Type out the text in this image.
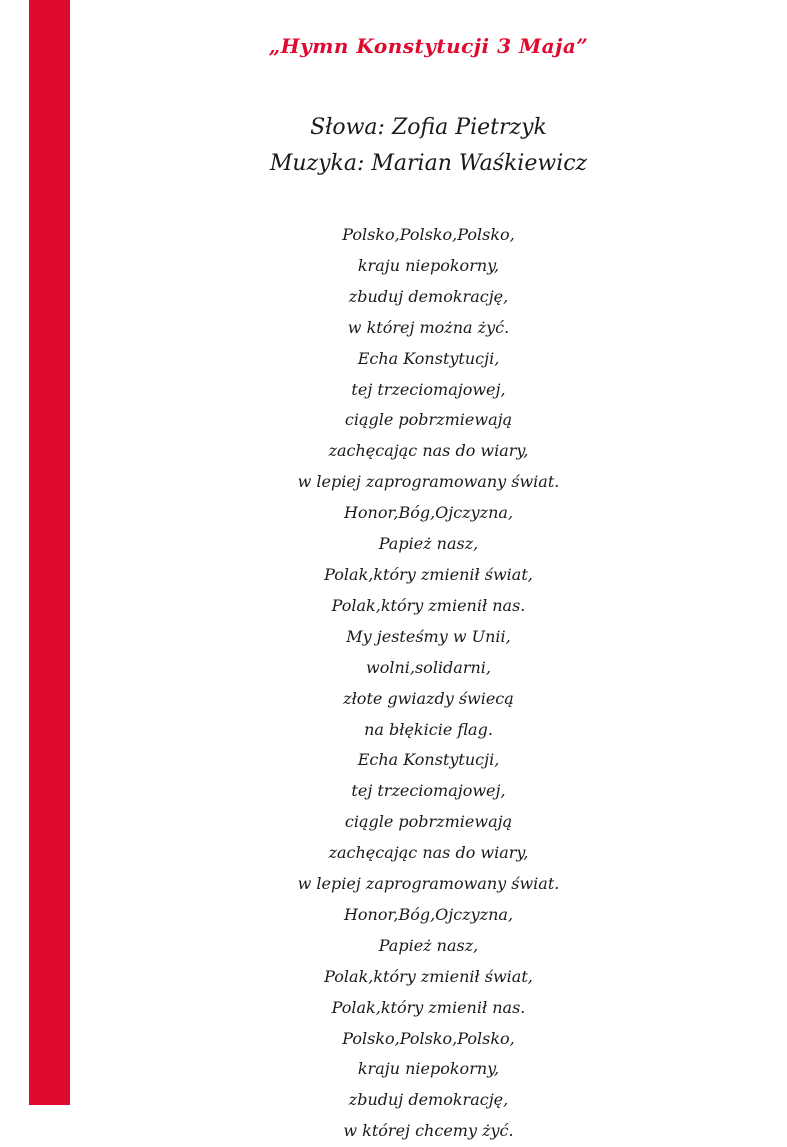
„Hymn Konstytucji 3 Maja”
Słowa: Zofia Pietrzyk
Muzyka: Marian Waśkiewicz
Polsko,Polsko,Polsko,
kraju niepokorny,
zbuduj demokrację,
w której można żyć.
Echa Konstytucji,
tej trzeciomajowej,
ciągle pobrzmiewają
zachęcając nas do wiary,
w lepiej zaprogramowany świat.
Honor,Bóg,Ojczyzna,
Papież nasz,
Polak,który zmienił świat,
Polak,który zmienił nas.
My jesteśmy w Unii,
wolni,solidarni,
złote gwiazdy świecą
na błękicie flag.
Echa Konstytucji,
tej trzeciomajowej,
ciągle pobrzmiewają
zachęcając nas do wiary,
w lepiej zaprogramowany świat.
Honor,Bóg,Ojczyzna,
Papież nasz,
Polak,który zmienił świat,
Polak,który zmienił nas.
Polsko,Polsko,Polsko,
kraju niepokorny,
zbuduj demokrację,
w której chcemy żyć.
